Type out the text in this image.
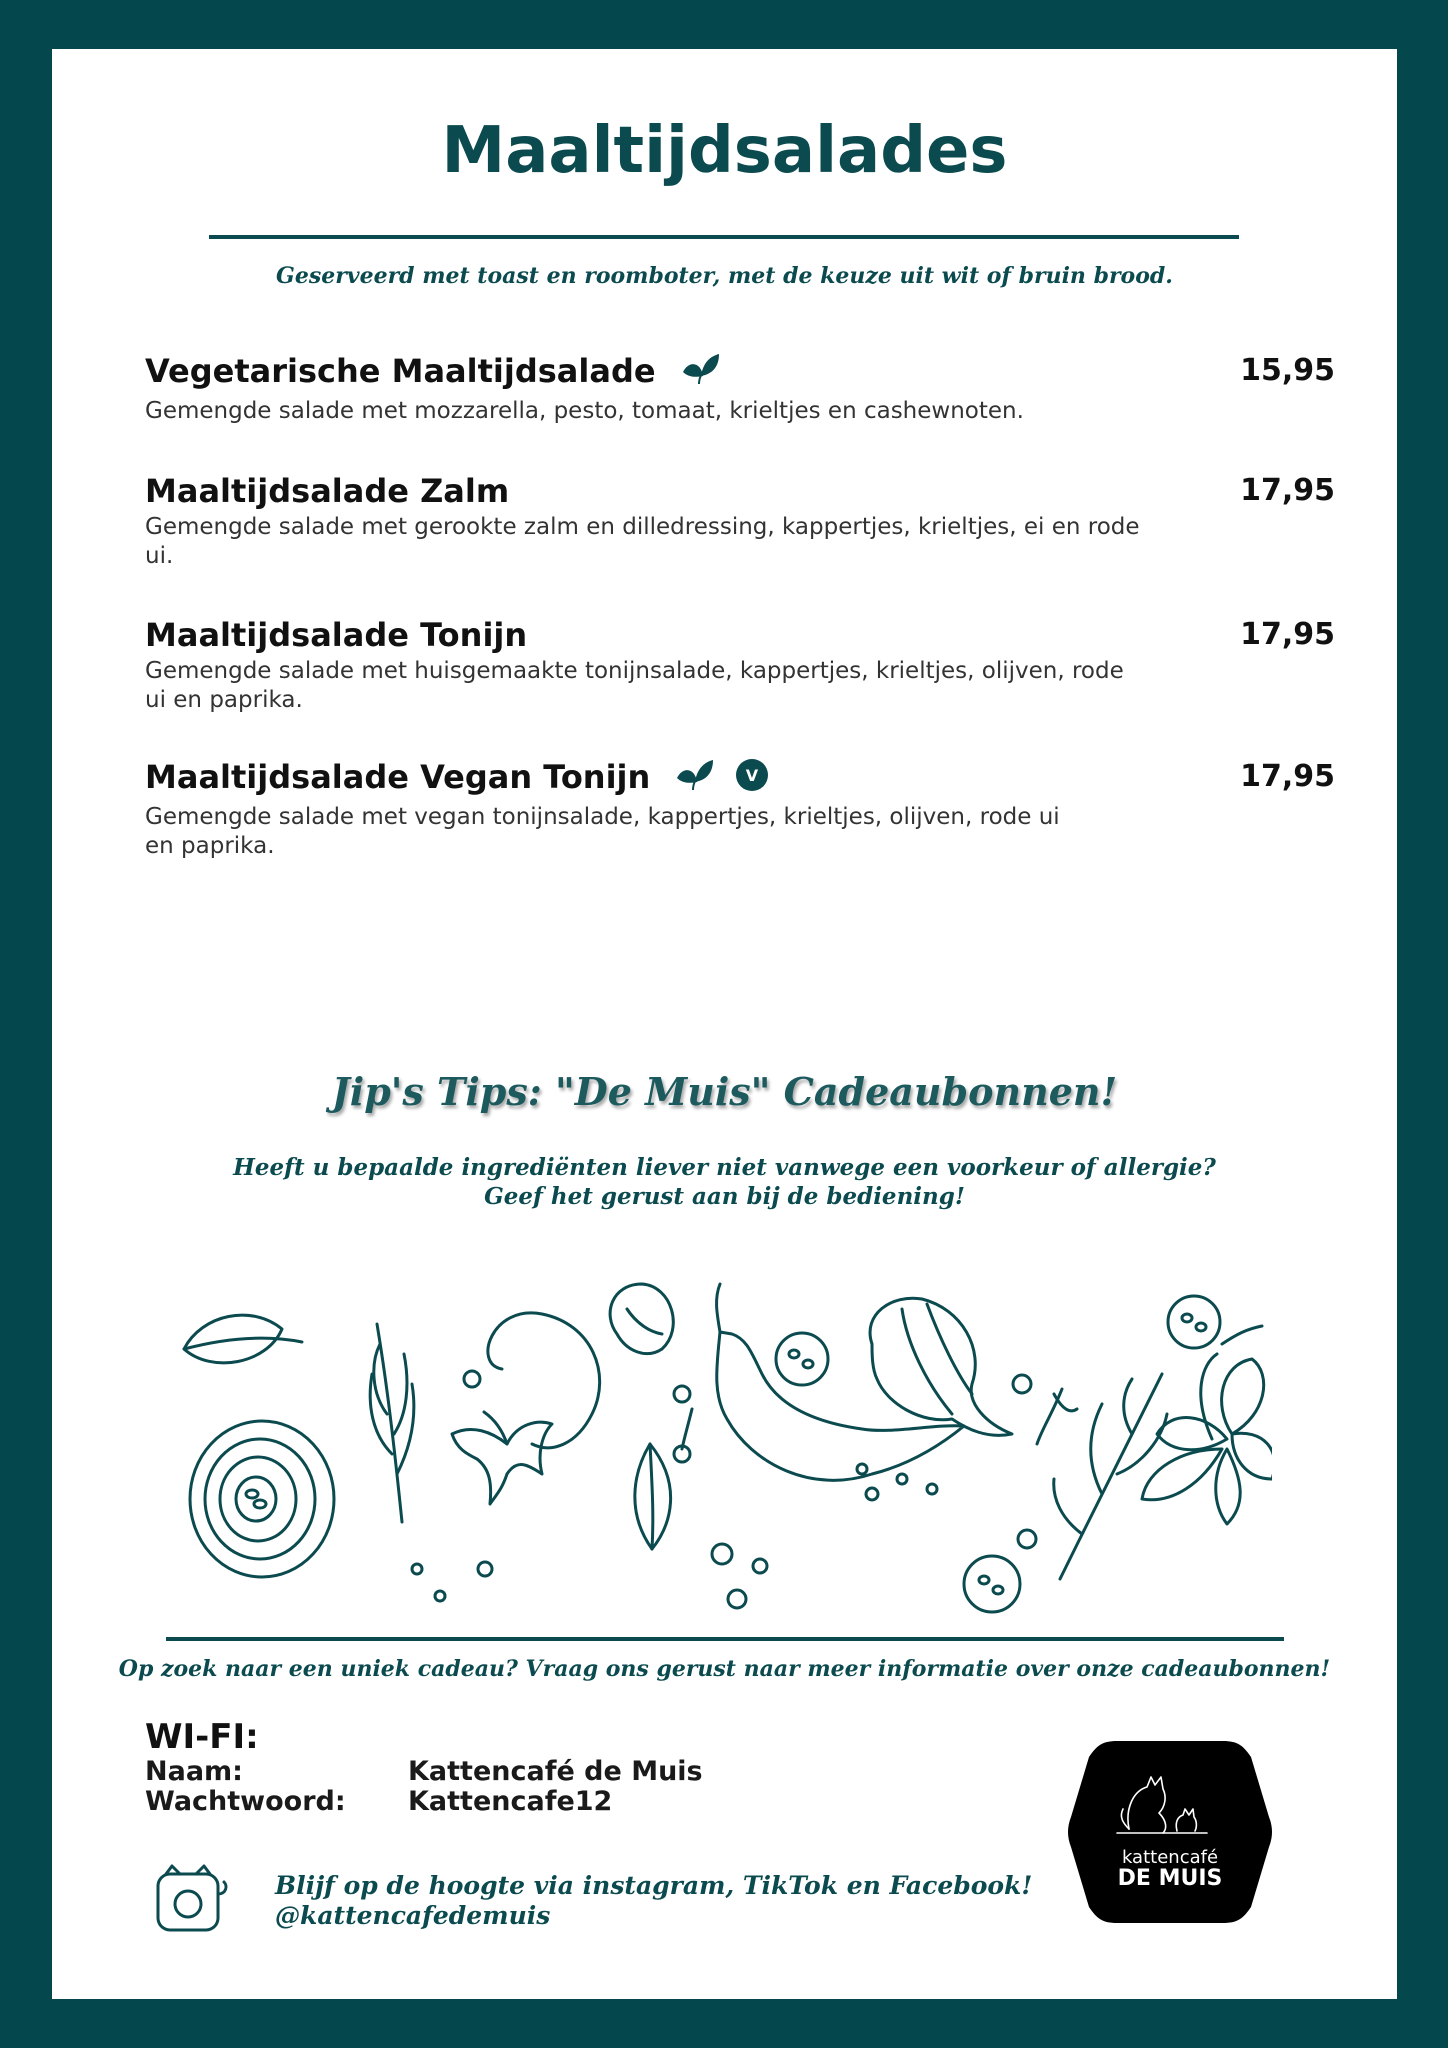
Maaltijdsalades
Geserveerd met toast en roomboter, met de keuze uit wit of bruin brood.
Vegetarische Maaltijdsalade	15,95
Gemengde salade met mozzarella, pesto, tomaat, krieltjes en cashewnoten.
Maaltijdsalade Zalm	17,95
Gemengde salade met gerookte zalm en dilledressing, kappertjes, krieltjes, ei en rode ui.
Maaltijdsalade Tonijn	17,95
Gemengde salade met huisgemaakte tonijnsalade, kappertjes, krieltjes, olijven, rode ui en paprika.
Maaltijdsalade Vegan Tonijn	V	17,95
Gemengde salade met vegan tonijnsalade, kappertjes, krieltjes, olijven, rode ui en paprika.
Jip's Tips: "De Muis" Cadeaubonnen!
Heeft u bepaalde ingrediënten liever niet vanwege een voorkeur of allergie?
Geef het gerust aan bij de bediening!
Op zoek naar een uniek cadeau? Vraag ons gerust naar meer informatie over onze cadeaubonnen!
WI-FI:
Naam:	Kattencafé de Muis
Wachtwoord: Kattencafe12
Blijf op de hoogte via instagram, TikTok en Facebook!
@kattencafedemuis
kattencafé
DE MUIS
